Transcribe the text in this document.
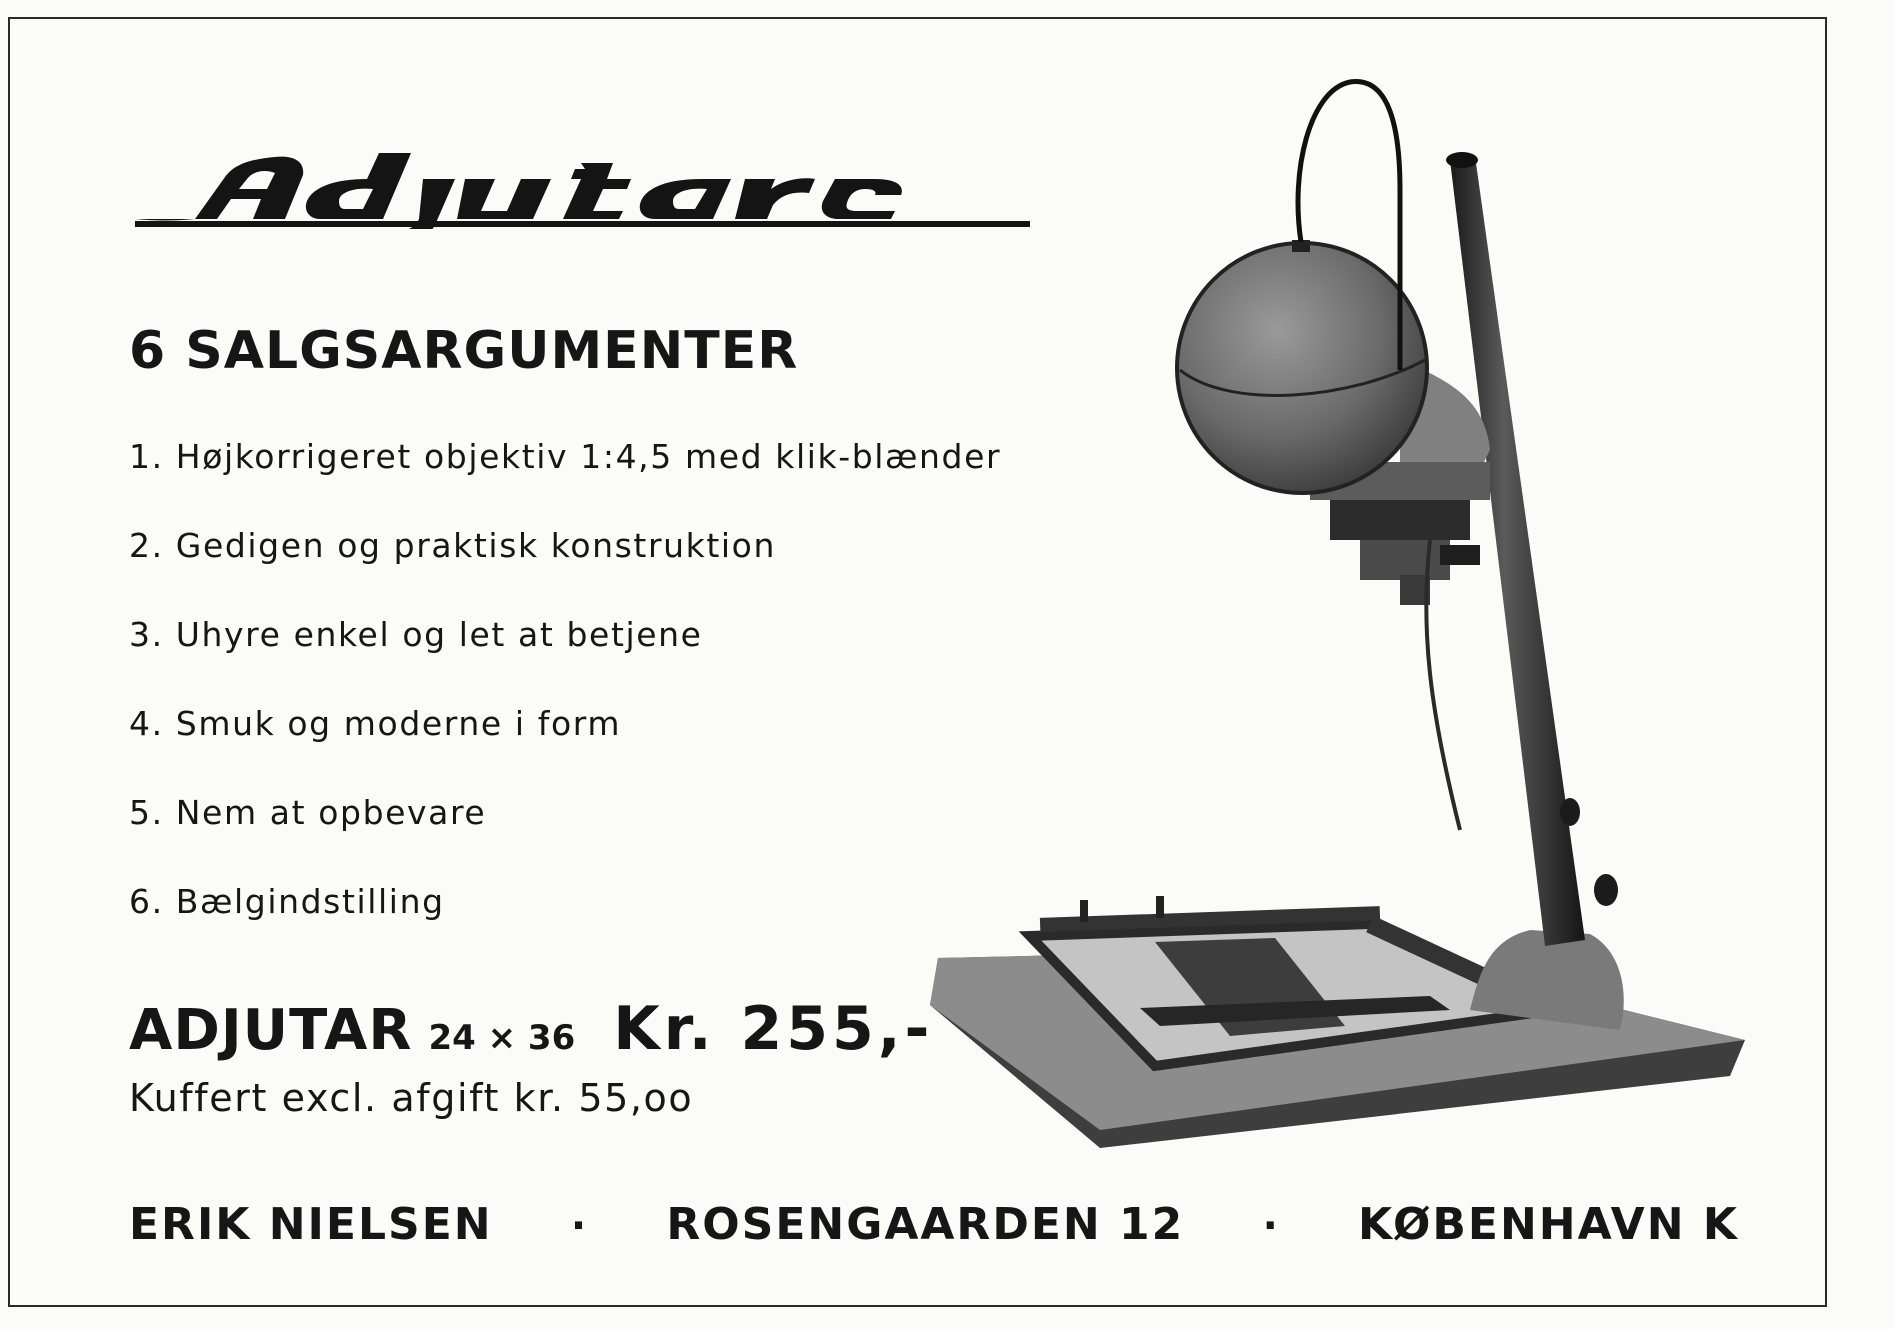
6 SALGSARGUMENTER
1. Højkorrigeret objektiv 1:4,5 med klik-blænder
2. Gedigen og praktisk konstruktion
3. Uhyre enkel og let at betjene
4. Smuk og moderne i form
5. Nem at opbevare
6. Bælgindstilling
ADJUTAR 24 × 36 Kr. 255,-
Kuffert excl. afgift kr. 55,oo
ERIK NIELSEN · ROSENGAARDEN 12 · KØBENHAVN K
